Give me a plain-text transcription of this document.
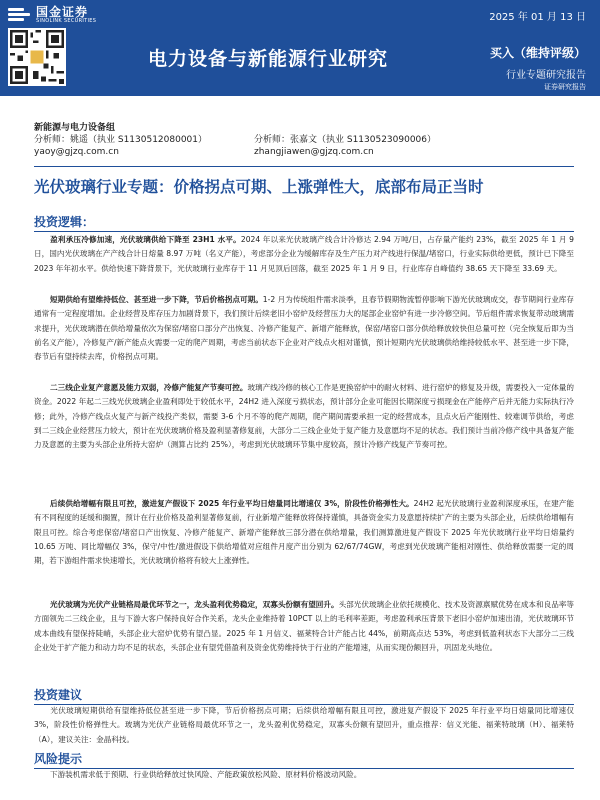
国金证券
SINOLINK SECURITIES	2025 年 01 月 13 日
电力设备与新能源行业研究	买入（维持评级）
行业专题研究报告
证券研究报告
新能源与电力设备组
分析师：姚遥（执业 S1130512080001）	分析师：张嘉文（执业 S1130523090006）
yaoy@gjzq.com.cn	zhangjiawen@gjzq.com.cn
光伏玻璃行业专题：价格拐点可期、上涨弹性大，底部布局正当时
投资逻辑：
盈利承压冷修加速，光伏玻璃供给下降至 23H1 水平。2024 年以来光伏玻璃产线合计冷修达 2.94 万吨/日，占存量产能约 23%，截至 2025 年 1 月 9 日，国内光伏玻璃在产产线合计日熔量 8.97 万吨（名义产能），考虑部分企业为缓解库存及生产压力对产线进行保温/堵窑口，行业实际供给更低，预计已下降至 2023 年年初水平。供给快速下降背景下，光伏玻璃行业库存于 11 月见顶后回落，截至 2025 年 1 月 9 日，行业库存自峰值约 38.65 天下降至 33.69 天。
短期供给有望维持低位、甚至进一步下降，节后价格拐点可期。1-2 月为传统组件需求淡季，且春节假期物流暂停影响下游光伏玻璃成交，春节期间行业库存通常有一定程度增加。企业经营及库存压力加剧背景下，我们预计后续老旧小窑炉及经营压力大的尾部企业窑炉有进一步冷修空间。节后组件需求恢复带动玻璃需求提升，光伏玻璃潜在供给增量依次为保窑/堵窑口部分产出恢复、冷修产能复产、新增产能释放，保窑/堵窑口部分供给释放较快但总量可控（完全恢复后即为当前名义产能），冷修复产/新产能点火需要一定的爬产周期，考虑当前状态下企业对产线点火相对谨慎，预计短期内光伏玻璃供给维持较低水平、甚至进一步下降，春节后有望持续去库，价格拐点可期。
二三线企业复产意愿及能力双弱，冷修产能复产节奏可控。玻璃产线冷修的核心工作是更换窑炉中的耐火材料、进行窑炉的修复及升级，需要投入一定体量的资金。2022 年起二三线光伏玻璃企业盈利即处于较低水平，24H2 进入深度亏损状态，预计部分企业可能因长期深度亏损现金在产能停产后并无能力实际执行冷修；此外，冷修产线点火复产与新产线投产类似，需要 3-6 个月不等的爬产周期，爬产期间需要承担一定的经营成本，且点火后产能刚性、较难调节供给，考虑到二三线企业经营压力较大，预计在光伏玻璃价格及盈利显著修复前，大部分二三线企业处于复产能力及意愿均不足的状态。我们预计当前冷修产线中具备复产能力及意愿的主要为头部企业所持大窑炉（测算占比约 25%），考虑到光伏玻璃环节集中度较高，预计冷修产线复产节奏可控。
后续供给增幅有限且可控，激进复产假设下 2025 年行业平均日熔量同比增速仅 3%，阶段性价格弹性大。24H2 起光伏玻璃行业盈利深度承压，在建产能有不同程度的延缓和搁置，预计在行业价格及盈利显著修复前，行业新增产能释放将保持谨慎，具备资金实力及意愿持续扩产的主要为头部企业，后续供给增幅有限且可控。综合考虑保窑/堵窑口产出恢复、冷修产能复产、新增产能释放三部分潜在供给增量，我们测算激进复产假设下 2025 年光伏玻璃行业平均日熔量约 10.65 万吨、同比增幅仅 3%，保守/中性/激进假设下供给增值对应组件月度产出分别为 62/67/74GW，考虑到光伏玻璃产能相对刚性、供给释放需要一定的周期，若下游组件需求快速增长，光伏玻璃价格将有较大上涨弹性。
光伏玻璃为光伏产业链格局最优环节之一，龙头盈利优势稳定，双寡头份额有望回升。头部光伏玻璃企业依托规模化、技术及资源禀赋优势在成本和良品率等方面领先二三线企业，且与下游大客户保持良好合作关系，龙头企业维持着 10PCT 以上的毛利率差距，考虑盈利承压背景下老旧小窑炉加速出清，光伏玻璃环节成本曲线有望保持陡峭，头部企业大窑炉优势有望凸显。2025 年 1 月信义、福莱特合计产能占比 44%，前期高点达 53%，考虑到低盈利状态下大部分二三线企业处于扩产能力和动力均不足的状态，头部企业有望凭借盈利及资金优势维持快于行业的产能增速，从而实现份额回升，巩固龙头地位。
投资建议
光伏玻璃短期供给有望维持低位甚至进一步下降，节后价格拐点可期；后续供给增幅有限且可控，激进复产假设下 2025 年行业平均日熔量同比增速仅 3%，阶段性价格弹性大。玻璃为光伏产业链格局最优环节之一，龙头盈利优势稳定，双寡头份额有望回升，重点推荐：信义光能、福莱特玻璃（H）、福莱特（A），建议关注：金晶科技。
风险提示
下游装机需求低于预期、行业供给释放过快风险、产能政策放松风险、原材料价格波动风险。
